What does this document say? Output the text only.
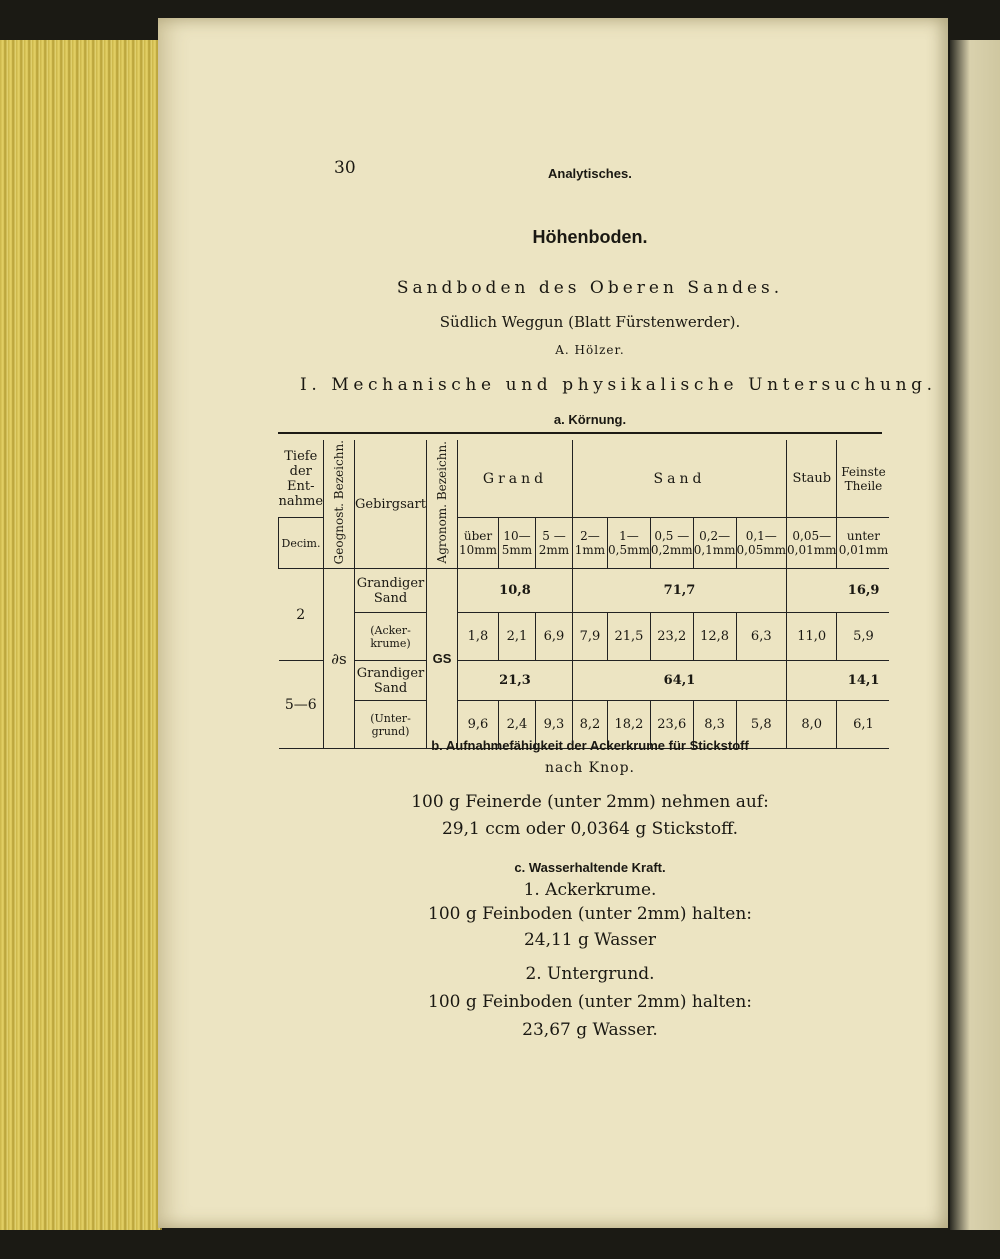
30	Analytisches.
Höhenboden.
Sandboden des Oberen Sandes.
Südlich Weggun (Blatt Fürstenwerder).
A. Hölzer.
I. Mechanische und physikalische Untersuchung.
a. Körnung.
Tiefe
der
Ent-
nahme	Geognost. Bezeichn.	Gebirgsart	Agronom. Bezeichn.	Grand			Sand					Staub	Feinste Theile

Decim.				über 10mm	10— 5mm	5 — 2mm	2— 1mm	1— 0,5mm	0,5 — 0,2mm	0,2— 0,1mm	0,1— 0,05mm	0,05— 0,01mm	unter 0,01mm
2	∂s	Grandiger Sand	GS	10,8			71,7					16,9	
		(Acker- krume)		1,8	2,1	6,9	7,9	21,5	23,2	12,8	6,3	11,0	5,9
5—6		Grandiger Sand		21,3			64,1					14,1	
		(Unter- grund)		9,6	2,4	9,3	8,2	18,2	23,6	8,3	5,8	8,0	6,1
b. Aufnahmefähigkeit der Ackerkrume für Stickstoff
nach Knop.
100 g Feinerde (unter 2mm) nehmen auf:
29,1 ccm oder 0,0364 g Stickstoff.
c. Wasserhaltende Kraft.
1. Ackerkrume.
100 g Feinboden (unter 2mm) halten:
24,11 g Wasser
2. Untergrund.
100 g Feinboden (unter 2mm) halten:
23,67 g Wasser.
